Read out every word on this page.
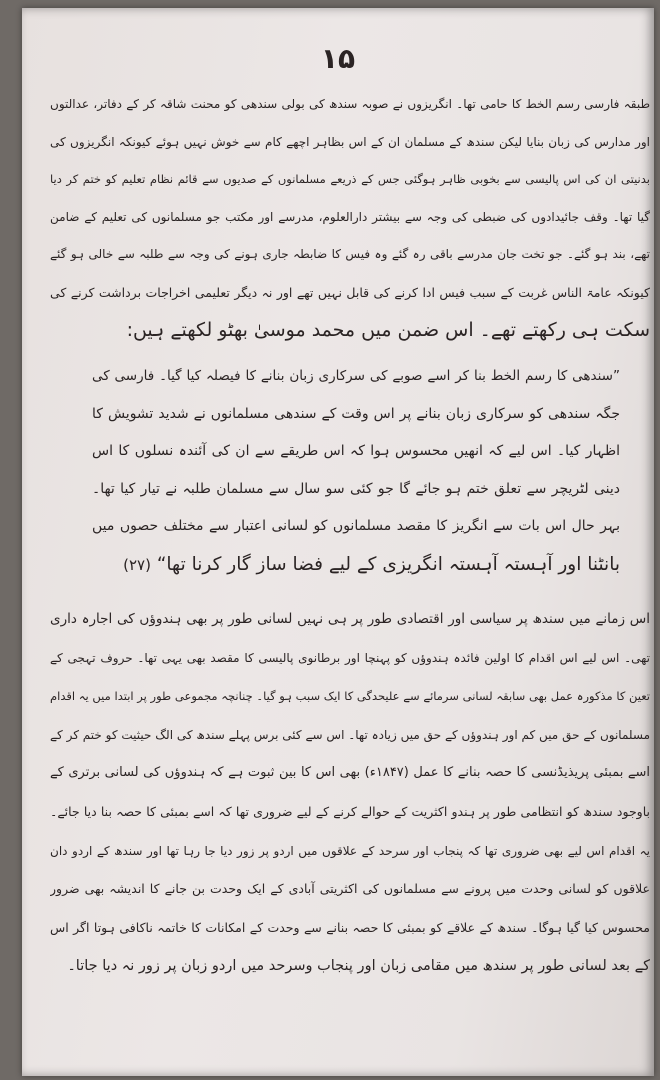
۱۵
طبقہ فارسی رسم الخط کا حامی تھا۔ انگریزوں نے صوبہ سندھ کی بولی سندھی کو محنت شاقہ کر کے دفاتر، عدالتوں
اور مدارس کی زبان بنایا لیکن سندھ کے مسلمان ان کے اس بظاہر اچھے کام سے خوش نہیں ہوئے کیونکہ انگریزوں کی
بدنیتی ان کی اس پالیسی سے بخوبی ظاہر ہوگئی جس کے ذریعے مسلمانوں کے صدیوں سے قائم نظام تعلیم کو ختم کر دیا
گیا تھا۔ وقف جائیدادوں کی ضبطی کی وجہ سے بیشتر دارالعلوم، مدرسے اور مکتب جو مسلمانوں کی تعلیم کے ضامن
تھے، بند ہو گئے۔ جو تخت جان مدرسے باقی رہ گئے وہ فیس کا ضابطہ جاری ہونے کی وجہ سے طلبہ سے خالی ہو گئے
کیونکہ عامۃ الناس غربت کے سبب فیس ادا کرنے کی قابل نہیں تھے اور نہ دیگر تعلیمی اخراجات برداشت کرنے کی
سکت ہی رکھتے تھے۔ اس ضمن میں محمد موسیٰ بھٹو لکھتے ہیں:
”سندھی کا رسم الخط بنا کر اسے صوبے کی سرکاری زبان بنانے کا فیصلہ کیا گیا۔ فارسی کی
جگہ سندھی کو سرکاری زبان بنانے پر اس وقت کے سندھی مسلمانوں نے شدید تشویش کا
اظہار کیا۔ اس لیے کہ انھیں محسوس ہوا کہ اس طریقے سے ان کی آئندہ نسلوں کا اس
دینی لٹریچر سے تعلق ختم ہو جائے گا جو کئی سو سال سے مسلمان طلبہ نے تیار کیا تھا۔
بہر حال اس بات سے انگریز کا مقصد مسلمانوں کو لسانی اعتبار سے مختلف حصوں میں
بانٹنا اور آہستہ آہستہ انگریزی کے لیے فضا ساز گار کرنا تھا“ (۲۷)
اس زمانے میں سندھ پر سیاسی اور اقتصادی طور پر ہی نہیں لسانی طور پر بھی ہندوؤں کی اجارہ داری
تھی۔ اس لیے اس اقدام کا اولین فائدہ ہندوؤں کو پہنچا اور برطانوی پالیسی کا مقصد بھی یہی تھا۔ حروف تہجی کے
تعین کا مذکورہ عمل بھی سابقہ لسانی سرمائے سے علیحدگی کا ایک سبب ہو گیا۔ چنانچہ مجموعی طور پر ابتدا میں یہ اقدام
مسلمانوں کے حق میں کم اور ہندوؤں کے حق میں زیادہ تھا۔ اس سے کئی برس پہلے سندھ کی الگ حیثیت کو ختم کر کے
اسے بمبئی پریذیڈنسی کا حصہ بنانے کا عمل (۱۸۴۷ء) بھی اس کا بین ثبوت ہے کہ ہندوؤں کی لسانی برتری کے
باوجود سندھ کو انتظامی طور پر ہندو اکثریت کے حوالے کرنے کے لیے ضروری تھا کہ اسے بمبئی کا حصہ بنا دیا جائے۔
یہ اقدام اس لیے بھی ضروری تھا کہ پنجاب اور سرحد کے علاقوں میں اردو پر زور دیا جا رہا تھا اور سندھ کے اردو دان
علاقوں کو لسانی وحدت میں پرونے سے مسلمانوں کی اکثریتی آبادی کے ایک وحدت بن جانے کا اندیشہ بھی ضرور
محسوس کیا گیا ہوگا۔ سندھ کے علاقے کو بمبئی کا حصہ بنانے سے وحدت کے امکانات کا خاتمہ ناکافی ہوتا اگر اس
کے بعد لسانی طور پر سندھ میں مقامی زبان اور پنجاب وسرحد میں اردو زبان پر زور نہ دیا جاتا۔
